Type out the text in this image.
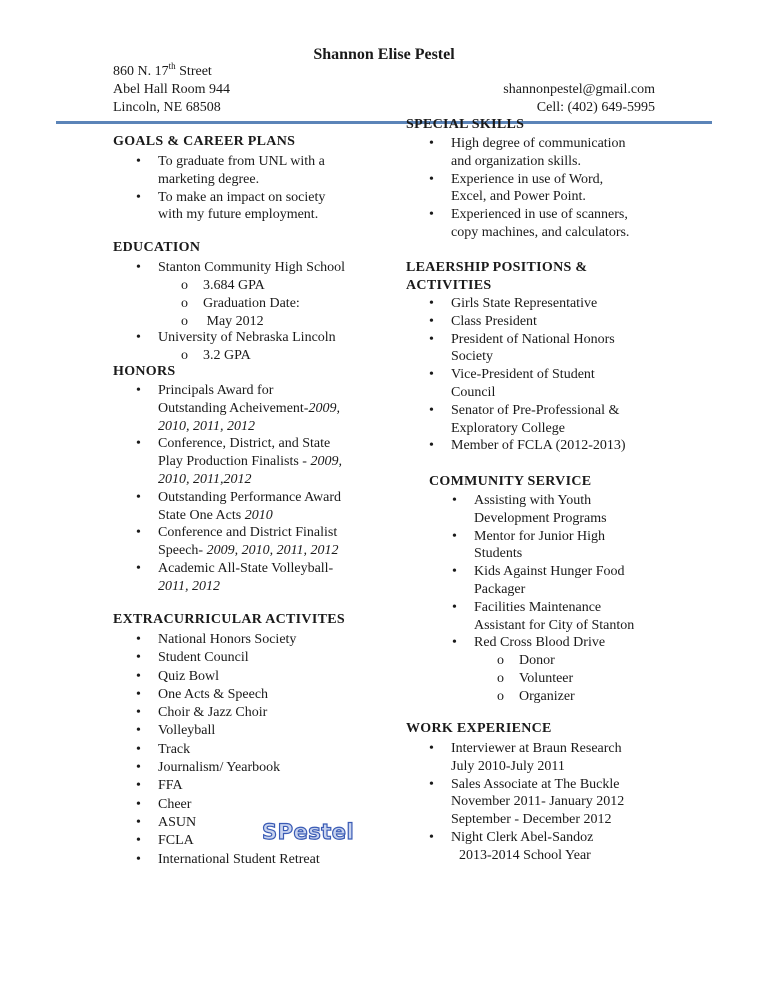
Shannon Elise Pestel
860 N. 17th Street
Abel Hall Room 944
Lincoln, NE 68508
shannonpestel@gmail.com
Cell: (402) 649-5995
GOALS & CAREER PLANS
• To graduate from UNL with a
marketing degree.
• To make an impact on society
with my future employment.
EDUCATION
• Stanton Community High School
o 3.684 GPA
o Graduation Date:
o May 2012
• University of Nebraska Lincoln
o 3.2 GPA
HONORS
• Principals Award for
Outstanding Acheivement-2009,
2010, 2011, 2012
• Conference, District, and State
Play Production Finalists - 2009,
2010, 2011,2012
• Outstanding Performance Award
State One Acts 2010
• Conference and District Finalist
Speech- 2009, 2010, 2011, 2012
• Academic All-State Volleyball-
2011, 2012
EXTRACURRICULAR ACTIVITES
• National Honors Society
• Student Council
• Quiz Bowl
• One Acts & Speech
• Choir & Jazz Choir
• Volleyball
• Track
• Journalism/ Yearbook
• FFA
• Cheer
• ASUN
• FCLA
• International Student Retreat
SPestel
SPECIAL SKILLS
• High degree of communication
and organization skills.
• Experience in use of Word,
Excel, and Power Point.
• Experienced in use of scanners,
copy machines, and calculators.
LEAERSHIP POSITIONS &
ACTIVITIES
• Girls State Representative
• Class President
• President of National Honors
Society
• Vice-President of Student
Council
• Senator of Pre-Professional &
Exploratory College
• Member of FCLA (2012-2013)
COMMUNITY SERVICE
• Assisting with Youth
Development Programs
• Mentor for Junior High
Students
• Kids Against Hunger Food
Packager
• Facilities Maintenance
Assistant for City of Stanton
• Red Cross Blood Drive
o Donor
o Volunteer
o Organizer
WORK EXPERIENCE
• Interviewer at Braun Research
July 2010-July 2011
• Sales Associate at The Buckle
November 2011- January 2012
September - December 2012
• Night Clerk Abel-Sandoz
2013-2014 School Year
